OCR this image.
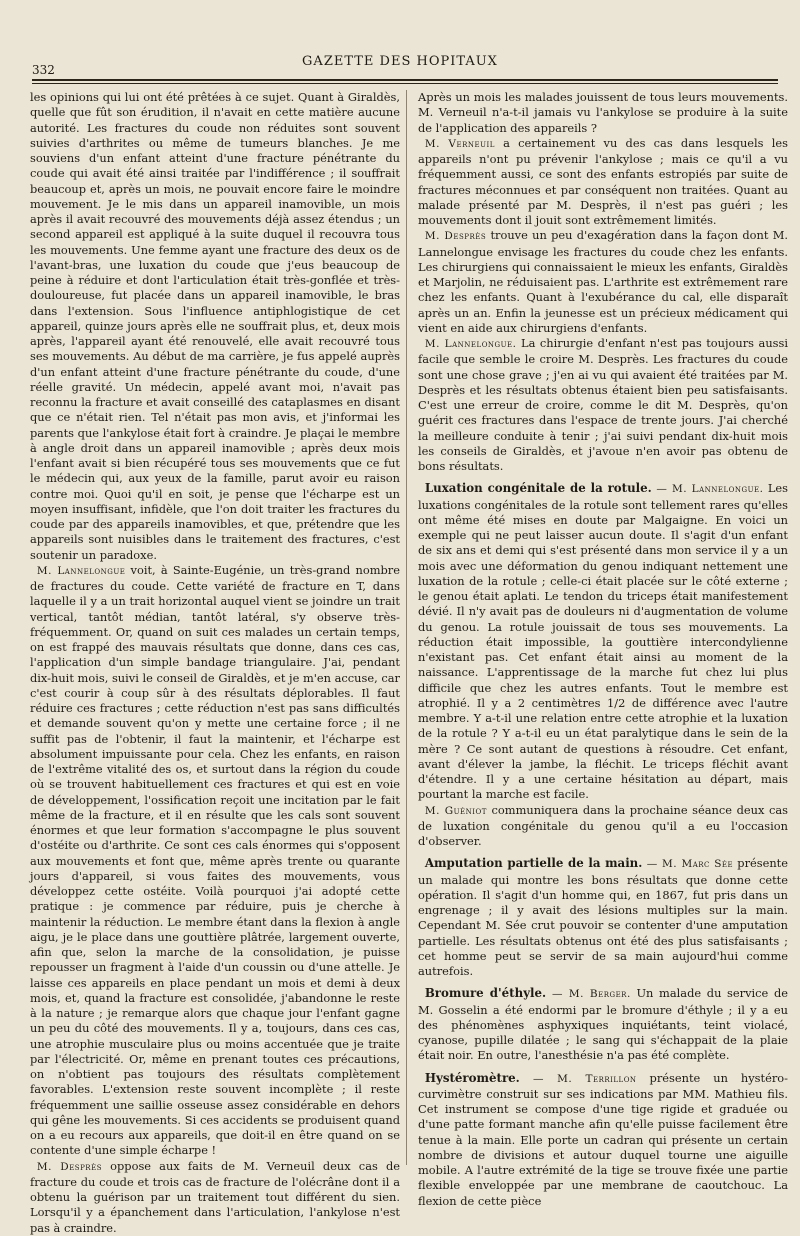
332
GAZETTE DES HOPITAUX

les opinions qui lui ont été prêtées à ce sujet. Quant à Giraldès, quelle que fût son érudition, il n'avait en cette matière aucune autorité. Les fractures du coude non réduites sont souvent suivies d'arthrites ou même de tumeurs blanches. Je me souviens d'un enfant atteint d'une fracture pénétrante du coude qui avait été ainsi traitée par l'indifférence ; il souffrait beaucoup et, après un mois, ne pouvait encore faire le moindre mouvement. Je le mis dans un appareil inamovible, un mois après il avait recouvré des mouvements déjà assez étendus ; un second appareil est appliqué à la suite duquel il recouvra tous les mouvements. Une femme ayant une fracture des deux os de l'avant-bras, une luxation du coude que j'eus beaucoup de peine à réduire et dont l'articulation était très-gonflée et très-douloureuse, fut placée dans un appareil inamovible, le bras dans l'extension. Sous l'influence antiphlogistique de cet appareil, quinze jours après elle ne souffrait plus, et, deux mois après, l'appareil ayant été renouvelé, elle avait recouvré tous ses mouvements. Au début de ma carrière, je fus appelé auprès d'un enfant atteint d'une fracture pénétrante du coude, d'une réelle gravité. Un médecin, appelé avant moi, n'avait pas reconnu la fracture et avait conseillé des cataplasmes en disant que ce n'était rien. Tel n'était pas mon avis, et j'informai les parents que l'ankylose était fort à craindre. Je plaçai le membre à angle droit dans un appareil inamovible ; après deux mois l'enfant avait si bien récupéré tous ses mouvements que ce fut le médecin qui, aux yeux de la famille, parut avoir eu raison contre moi. Quoi qu'il en soit, je pense que l'écharpe est un moyen insuffisant, infidèle, que l'on doit traiter les fractures du coude par des appareils inamovibles, et que, prétendre que les appareils sont nuisibles dans le traitement des fractures, c'est soutenir un paradoxe.

M. Lannelongue voit, à Sainte-Eugénie, un très-grand nombre de fractures du coude. Cette variété de fracture en T, dans laquelle il y a un trait horizontal auquel vient se joindre un trait vertical, tantôt médian, tantôt latéral, s'y observe très-fréquemment. Or, quand on suit ces malades un certain temps, on est frappé des mauvais résultats que donne, dans ces cas, l'application d'un simple bandage triangulaire. J'ai, pendant dix-huit mois, suivi le conseil de Giraldès, et je m'en accuse, car c'est courir à coup sûr à des résultats déplorables. Il faut réduire ces fractures ; cette réduction n'est pas sans difficultés et demande souvent qu'on y mette une certaine force ; il ne suffit pas de l'obtenir, il faut la maintenir, et l'écharpe est absolument impuissante pour cela. Chez les enfants, en raison de l'extrême vitalité des os, et surtout dans la région du coude où se trouvent habituellement ces fractures et qui est en voie de développement, l'ossification reçoit une incitation par le fait même de la fracture, et il en résulte que les cals sont souvent énormes et que leur formation s'accompagne le plus souvent d'ostéite ou d'arthrite. Ce sont ces cals énormes qui s'opposent aux mouvements et font que, même après trente ou quarante jours d'appareil, si vous faites des mouvements, vous développez cette ostéite. Voilà pourquoi j'ai adopté cette pratique : je commence par réduire, puis je cherche à maintenir la réduction. Le membre étant dans la flexion à angle aigu, je le place dans une gouttière plâtrée, largement ouverte, afin que, selon la marche de la consolidation, je puisse repousser un fragment à l'aide d'un coussin ou d'une attelle. Je laisse ces appareils en place pendant un mois et demi à deux mois, et, quand la fracture est consolidée, j'abandonne le reste à la nature ; je remarque alors que chaque jour l'enfant gagne un peu du côté des mouvements. Il y a, toujours, dans ces cas, une atrophie musculaire plus ou moins accentuée que je traite par l'électricité. Or, même en prenant toutes ces précautions, on n'obtient pas toujours des résultats complètement favorables. L'extension reste souvent incomplète ; il reste fréquemment une saillie osseuse assez considérable en dehors qui gêne les mouvements. Si ces accidents se produisent quand on a eu recours aux appareils, que doit-il en être quand on se contente d'une simple écharpe !

M. Desprès oppose aux faits de M. Verneuil deux cas de fracture du coude et trois cas de fracture de l'olécrâne dont il a obtenu la guérison par un traitement tout différent du sien. Lorsqu'il y a épanchement dans l'articulation, l'ankylose n'est pas à craindre.

Après un mois les malades jouissent de tous leurs mouvements. M. Verneuil n'a-t-il jamais vu l'ankylose se produire à la suite de l'application des appareils ?

M. Verneuil a certainement vu des cas dans lesquels les appareils n'ont pu prévenir l'ankylose ; mais ce qu'il a vu fréquemment aussi, ce sont des enfants estropiés par suite de fractures méconnues et par conséquent non traitées. Quant au malade présenté par M. Desprès, il n'est pas guéri ; les mouvements dont il jouit sont extrêmement limités.

M. Desprès trouve un peu d'exagération dans la façon dont M. Lannelongue envisage les fractures du coude chez les enfants. Les chirurgiens qui connaissaient le mieux les enfants, Giraldès et Marjolin, ne réduisaient pas. L'arthrite est extrêmement rare chez les enfants. Quant à l'exubérance du cal, elle disparaît après un an. Enfin la jeunesse est un précieux médicament qui vient en aide aux chirurgiens d'enfants.

M. Lannelongue. La chirurgie d'enfant n'est pas toujours aussi facile que semble le croire M. Desprès. Les fractures du coude sont une chose grave ; j'en ai vu qui avaient été traitées par M. Desprès et les résultats obtenus étaient bien peu satisfaisants. C'est une erreur de croire, comme le dit M. Desprès, qu'on guérit ces fractures dans l'espace de trente jours. J'ai cherché la meilleure conduite à tenir ; j'ai suivi pendant dix-huit mois les conseils de Giraldès, et j'avoue n'en avoir pas obtenu de bons résultats.

Luxation congénitale de la rotule. — M. Lannelongue. Les luxations congénitales de la rotule sont tellement rares qu'elles ont même été mises en doute par Malgaigne. En voici un exemple qui ne peut laisser aucun doute. Il s'agit d'un enfant de six ans et demi qui s'est présenté dans mon service il y a un mois avec une déformation du genou indiquant nettement une luxation de la rotule ; celle-ci était placée sur le côté externe ; le genou était aplati. Le tendon du triceps était manifestement dévié. Il n'y avait pas de douleurs ni d'augmentation de volume du genou. La rotule jouissait de tous ses mouvements. La réduction était impossible, la gouttière intercondylienne n'existant pas. Cet enfant était ainsi au moment de la naissance. L'apprentissage de la marche fut chez lui plus difficile que chez les autres enfants. Tout le membre est atrophié. Il y a 2 centimètres 1/2 de différence avec l'autre membre. Y a-t-il une relation entre cette atrophie et la luxation de la rotule ? Y a-t-il eu un état paralytique dans le sein de la mère ? Ce sont autant de questions à résoudre. Cet enfant, avant d'élever la jambe, la fléchit. Le triceps fléchit avant d'étendre. Il y a une certaine hésitation au départ, mais pourtant la marche est facile.

M. Guéniot communiquera dans la prochaine séance deux cas de luxation congénitale du genou qu'il a eu l'occasion d'observer.

Amputation partielle de la main. — M. Marc Sée présente un malade qui montre les bons résultats que donne cette opération. Il s'agit d'un homme qui, en 1867, fut pris dans un engrenage ; il y avait des lésions multiples sur la main. Cependant M. Sée crut pouvoir se contenter d'une amputation partielle. Les résultats obtenus ont été des plus satisfaisants ; cet homme peut se servir de sa main aujourd'hui comme autrefois.

Bromure d'éthyle. — M. Berger. Un malade du service de M. Gosselin a été endormi par le bromure d'éthyle ; il y a eu des phénomènes asphyxiques inquiétants, teint violacé, cyanose, pupille dilatée ; le sang qui s'échappait de la plaie était noir. En outre, l'anesthésie n'a pas été complète.

Hystéromètre. — M. Terrillon présente un hystéro-curvimètre construit sur ses indications par MM. Mathieu fils. Cet instrument se compose d'une tige rigide et graduée ou d'une patte formant manche afin qu'elle puisse facilement être tenue à la main. Elle porte un cadran qui présente un certain nombre de divisions et autour duquel tourne une aiguille mobile. A l'autre extrémité de la tige se trouve fixée une partie flexible enveloppée par une membrane de caoutchouc. La flexion de cette pièce
